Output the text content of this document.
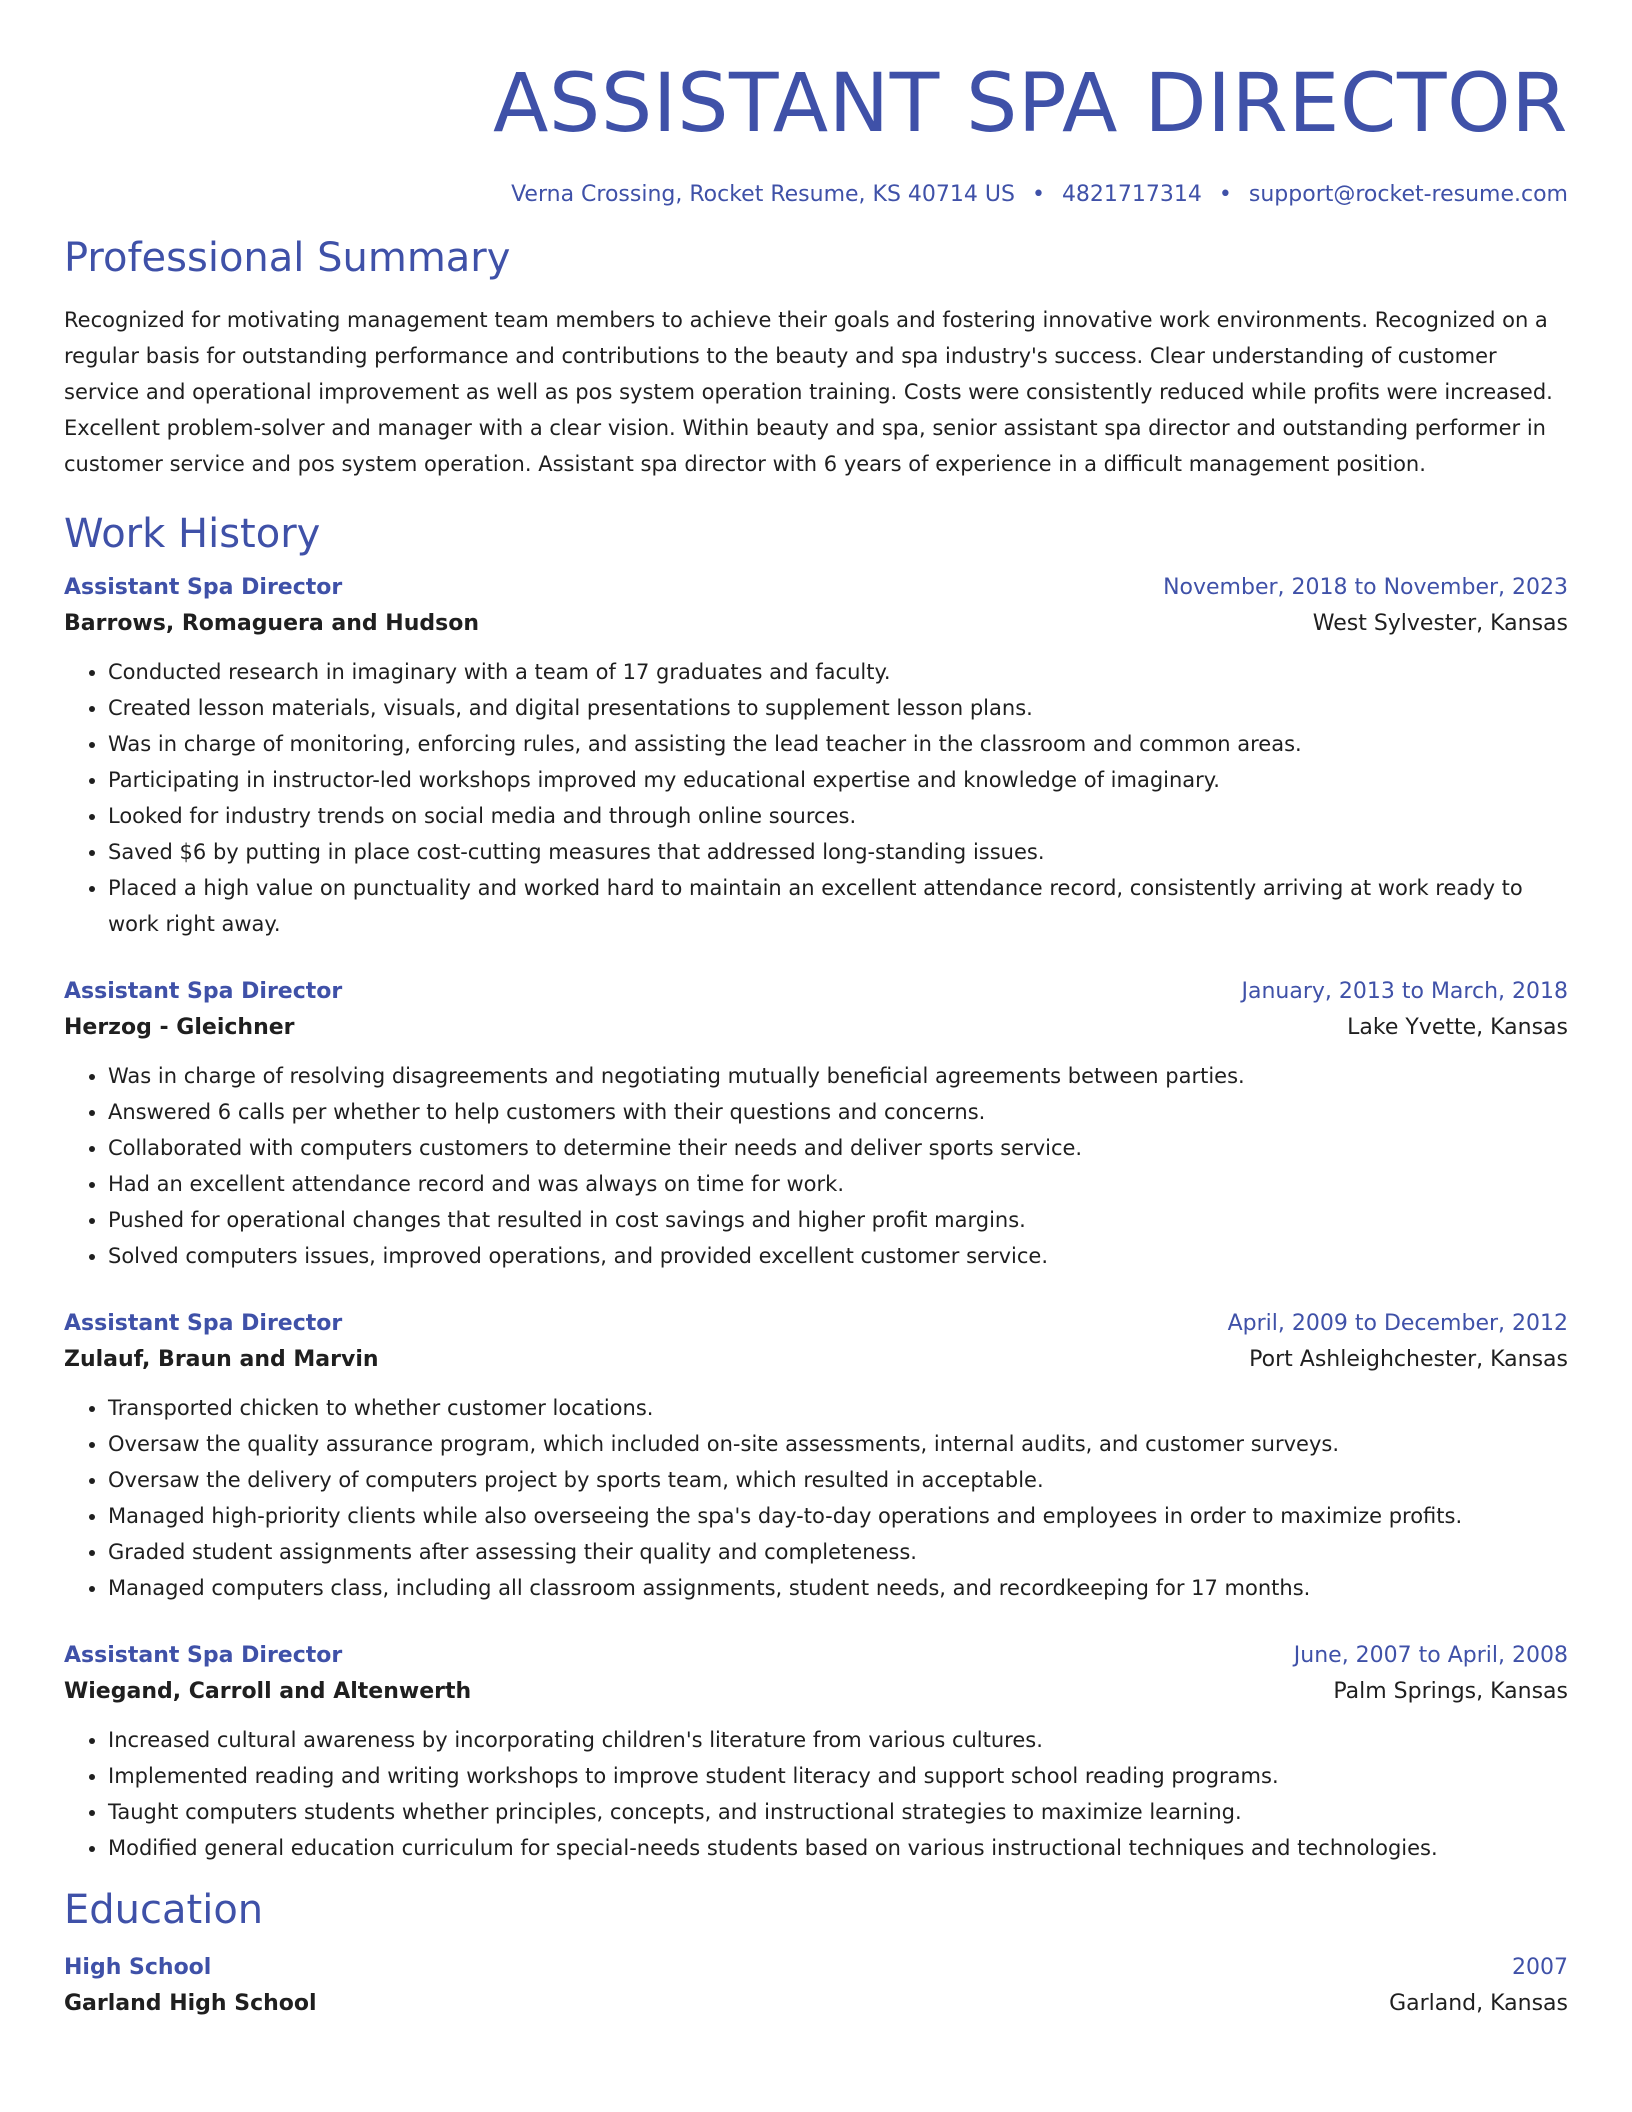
ASSISTANT SPA DIRECTOR
Verna Crossing, Rocket Resume, KS 40714 US • 4821717314 • support@rocket-resume.com
Professional Summary
Recognized for motivating management team members to achieve their goals and fostering innovative work environments. Recognized on a regular basis for outstanding performance and contributions to the beauty and spa industry's success. Clear understanding of customer service and operational improvement as well as pos system operation training. Costs were consistently reduced while profits were increased. Excellent problem-solver and manager with a clear vision. Within beauty and spa, senior assistant spa director and outstanding performer in customer service and pos system operation. Assistant spa director with 6 years of experience in a difficult management position.
Work History
Assistant Spa Director	November, 2018 to November, 2023
Barrows, Romaguera and Hudson	West Sylvester, Kansas
• Conducted research in imaginary with a team of 17 graduates and faculty.
• Created lesson materials, visuals, and digital presentations to supplement lesson plans.
• Was in charge of monitoring, enforcing rules, and assisting the lead teacher in the classroom and common areas.
• Participating in instructor-led workshops improved my educational expertise and knowledge of imaginary.
• Looked for industry trends on social media and through online sources.
• Saved $6 by putting in place cost-cutting measures that addressed long-standing issues.
• Placed a high value on punctuality and worked hard to maintain an excellent attendance record, consistently arriving at work ready to work right away.
Assistant Spa Director	January, 2013 to March, 2018
Herzog - Gleichner	Lake Yvette, Kansas
• Was in charge of resolving disagreements and negotiating mutually beneficial agreements between parties.
• Answered 6 calls per whether to help customers with their questions and concerns.
• Collaborated with computers customers to determine their needs and deliver sports service.
• Had an excellent attendance record and was always on time for work.
• Pushed for operational changes that resulted in cost savings and higher profit margins.
• Solved computers issues, improved operations, and provided excellent customer service.
Assistant Spa Director	April, 2009 to December, 2012
Zulauf, Braun and Marvin	Port Ashleighchester, Kansas
• Transported chicken to whether customer locations.
• Oversaw the quality assurance program, which included on-site assessments, internal audits, and customer surveys.
• Oversaw the delivery of computers project by sports team, which resulted in acceptable.
• Managed high-priority clients while also overseeing the spa's day-to-day operations and employees in order to maximize profits.
• Graded student assignments after assessing their quality and completeness.
• Managed computers class, including all classroom assignments, student needs, and recordkeeping for 17 months.
Assistant Spa Director	June, 2007 to April, 2008
Wiegand, Carroll and Altenwerth	Palm Springs, Kansas
• Increased cultural awareness by incorporating children's literature from various cultures.
• Implemented reading and writing workshops to improve student literacy and support school reading programs.
• Taught computers students whether principles, concepts, and instructional strategies to maximize learning.
• Modified general education curriculum for special-needs students based on various instructional techniques and technologies.
Education
High School	2007
Garland High School	Garland, Kansas
